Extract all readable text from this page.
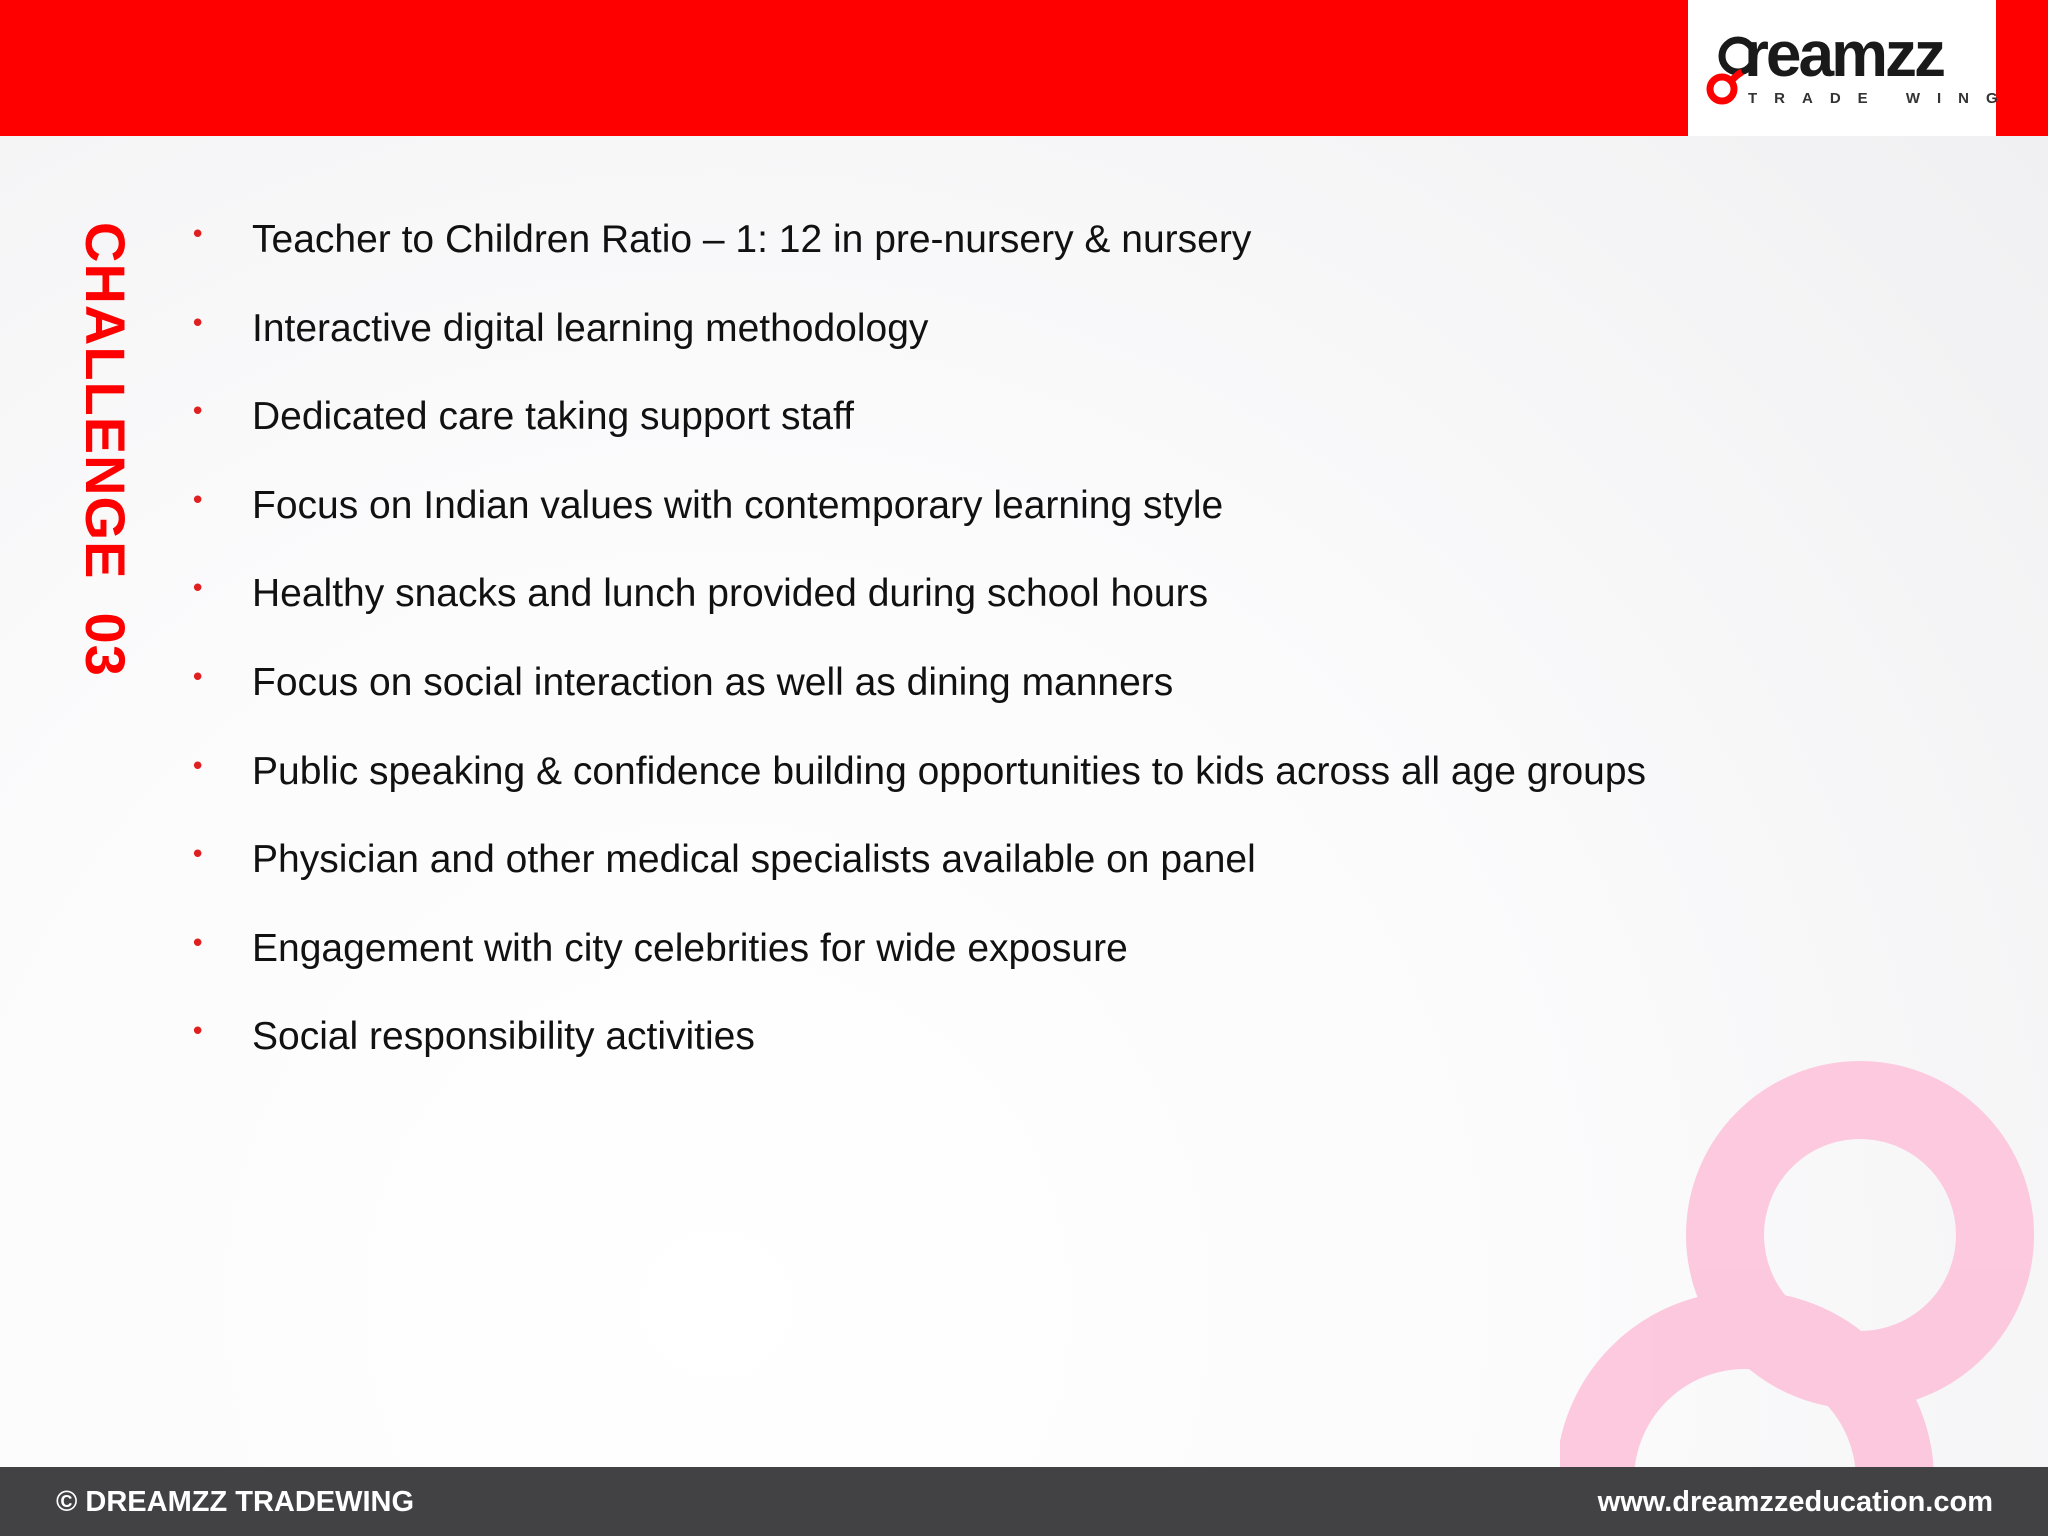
reamzz
TRADE WING
CHALLENGE  03 • Teacher to Children Ratio – 1: 12 in pre-nursery & nursery
• Interactive digital learning methodology
• Dedicated care taking support staff
• Focus on Indian values with contemporary learning style
• Healthy snacks and lunch provided during school hours
• Focus on social interaction as well as dining manners
• Public speaking & confidence building opportunities to kids across all age groups
• Physician and other medical specialists available on panel
• Engagement with city celebrities for wide exposure
• Social responsibility activities
© DREAMZZ TRADEWING	www.dreamzzeducation.com
